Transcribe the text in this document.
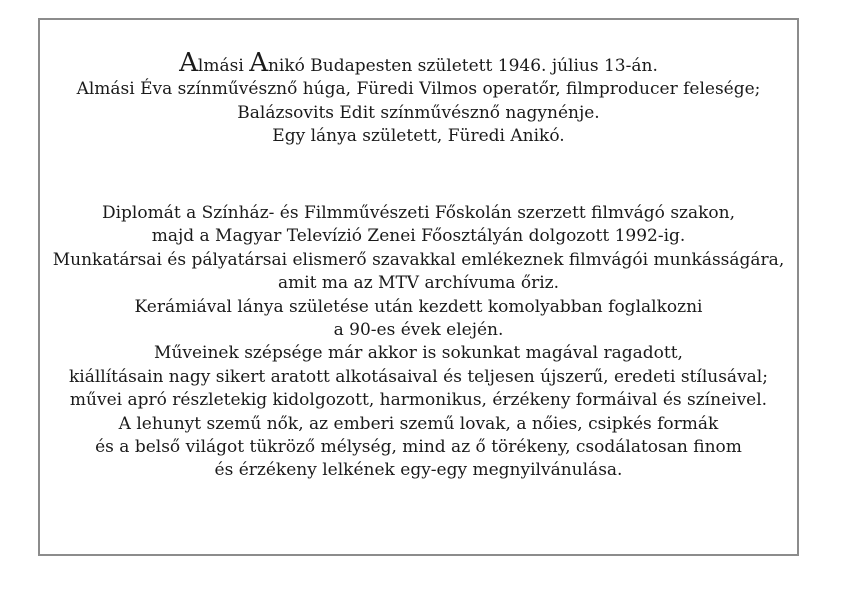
Almási Anikó Budapesten született 1946. július 13-án.
Almási Éva színművésznő húga, Füredi Vilmos operatőr, filmproducer felesége;
Balázsovits Edit színművésznő nagynénje.
Egy lánya született, Füredi Anikó.
Diplomát a Színház- és Filmművészeti Főskolán szerzett filmvágó szakon,
majd a Magyar Televízió Zenei Főosztályán dolgozott 1992-ig.
Munkatársai és pályatársai elismerő szavakkal emlékeznek filmvágói munkásságára,
amit ma az MTV archívuma őriz.
Kerámiával lánya születése után kezdett komolyabban foglalkozni
a 90-es évek elején.
Műveinek szépsége már akkor is sokunkat magával ragadott,
kiállításain nagy sikert aratott alkotásaival és teljesen újszerű, eredeti stílusával;
művei apró részletekig kidolgozott, harmonikus, érzékeny formáival és színeivel.
A lehunyt szemű nők, az emberi szemű lovak, a nőies, csipkés formák
és a belső világot tükröző mélység, mind az ő törékeny, csodálatosan finom
és érzékeny lelkének egy-egy megnyilvánulása.
